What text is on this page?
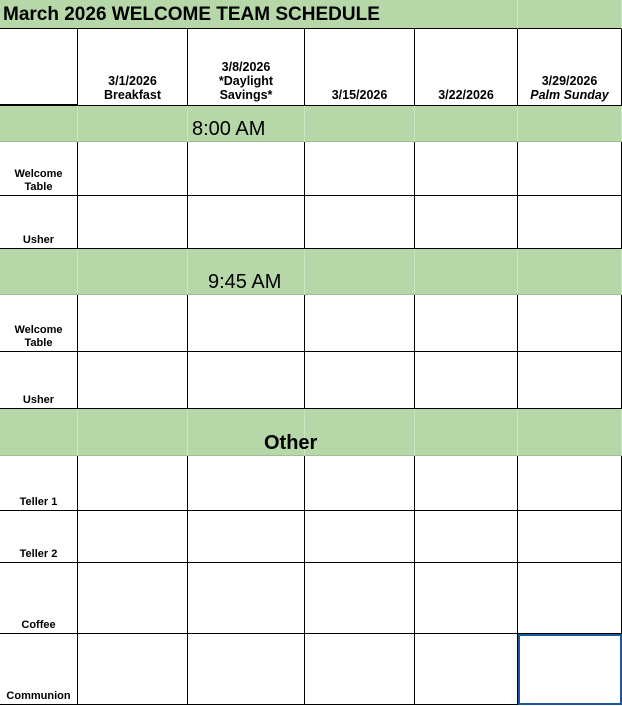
March 2026 WELCOME TEAM SCHEDULE
3/1/2026
Breakfast
3/8/2026
*Daylight
Savings*	3/15/2026	3/22/2026
3/29/2026
Palm Sunday
Welcome
Table
Usher
Welcome
Table
Usher
Teller 1
Teller 2
Coffee
Communion
8:00 AM
9:45 AM
Other
